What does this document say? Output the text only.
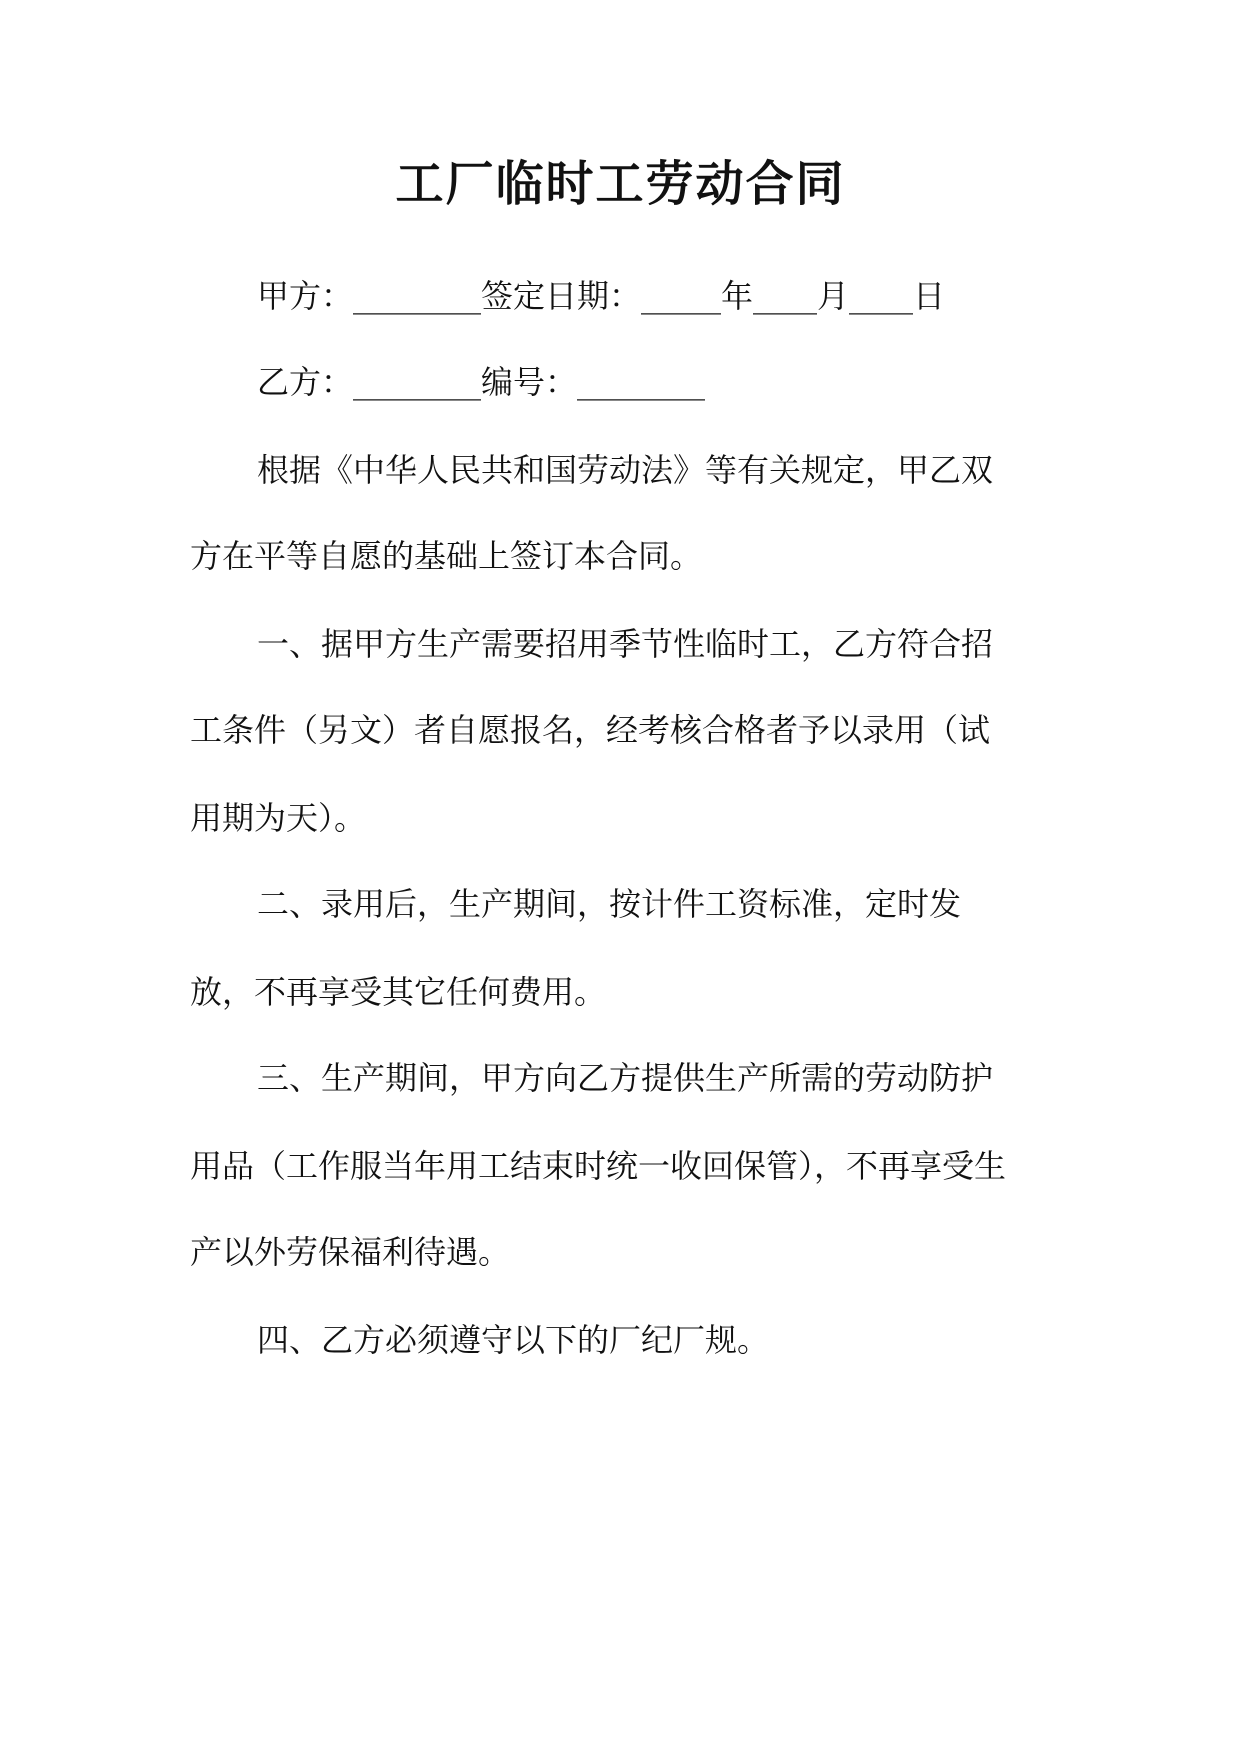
工厂临时工劳动合同

甲方：________签定日期：_____年____月____日

乙方：________编号：________

根据《中华人民共和国劳动法》等有关规定，甲乙双

方在平等自愿的基础上签订本合同。

一、据甲方生产需要招用季节性临时工，乙方符合招

工条件（另文）者自愿报名，经考核合格者予以录用（试

用期为天）。

二、录用后，生产期间，按计件工资标准，定时发

放，不再享受其它任何费用。

三、生产期间，甲方向乙方提供生产所需的劳动防护

用品（工作服当年用工结束时统一收回保管），不再享受生

产以外劳保福利待遇。

四、乙方必须遵守以下的厂纪厂规。
